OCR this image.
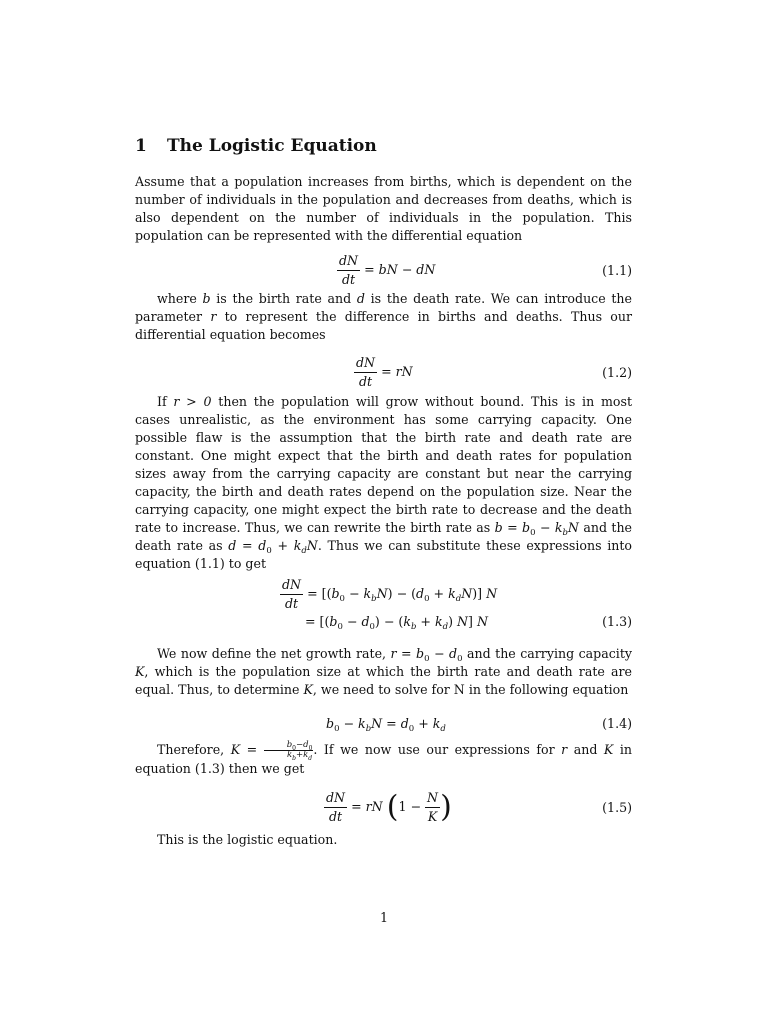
1 The Logistic Equation

Assume that a population increases from births, which is dependent on the number of individuals in the population and decreases from deaths, which is also dependent on the number of individuals in the population. This population can be represented with the differential equation

$\frac{dN}{dt}$ = bN − dN	(1.1)

where b is the birth rate and d is the death rate. We can introduce the parameter r to represent the difference in births and deaths. Thus our differential equation becomes

$\frac{dN}{dt}$ = rN	(1.2)

If r > 0 then the population will grow without bound. This is in most cases unrealistic, as the environment has some carrying capacity. One possible flaw is the assumption that the birth rate and death rate are constant. One might expect that the birth and death rates for population sizes away from the carrying capacity are constant but near the carrying capacity, the birth and death rates depend on the population size. Near the carrying capacity, one might expect the birth rate to decrease and the death rate to increase. Thus, we can rewrite the birth rate as $b = b_0 - k_bN$ and the death rate as $d = d_0 + k_dN$. Thus we can substitute these expressions into equation (1.1) to get

$\frac{dN}{dt} = [(b_0 - k_bN) - (d_0 + k_dN)]$ N
= [$(b_0 - d_0) - (k_b + k_d)$ N] N	(1.3)

We now define the net growth rate, $r = b_0 - d_0$ and the carrying capacity K, which is the population size at which the birth rate and death rate are equal. Thus, to determine K, we need to solve for N in the following equation

$b_0 - k_bN = d_0 + k_d$	(1.4)

Therefore, $K = \frac{b_0-d_0}{k_b+k_d}$ . If we now use our expressions for r and K in equation (1.3) then we get

$\frac{dN}{dt}$ = rN ($1 - \frac{N}{K}$ )	(1.5)

This is the logistic equation.

1
